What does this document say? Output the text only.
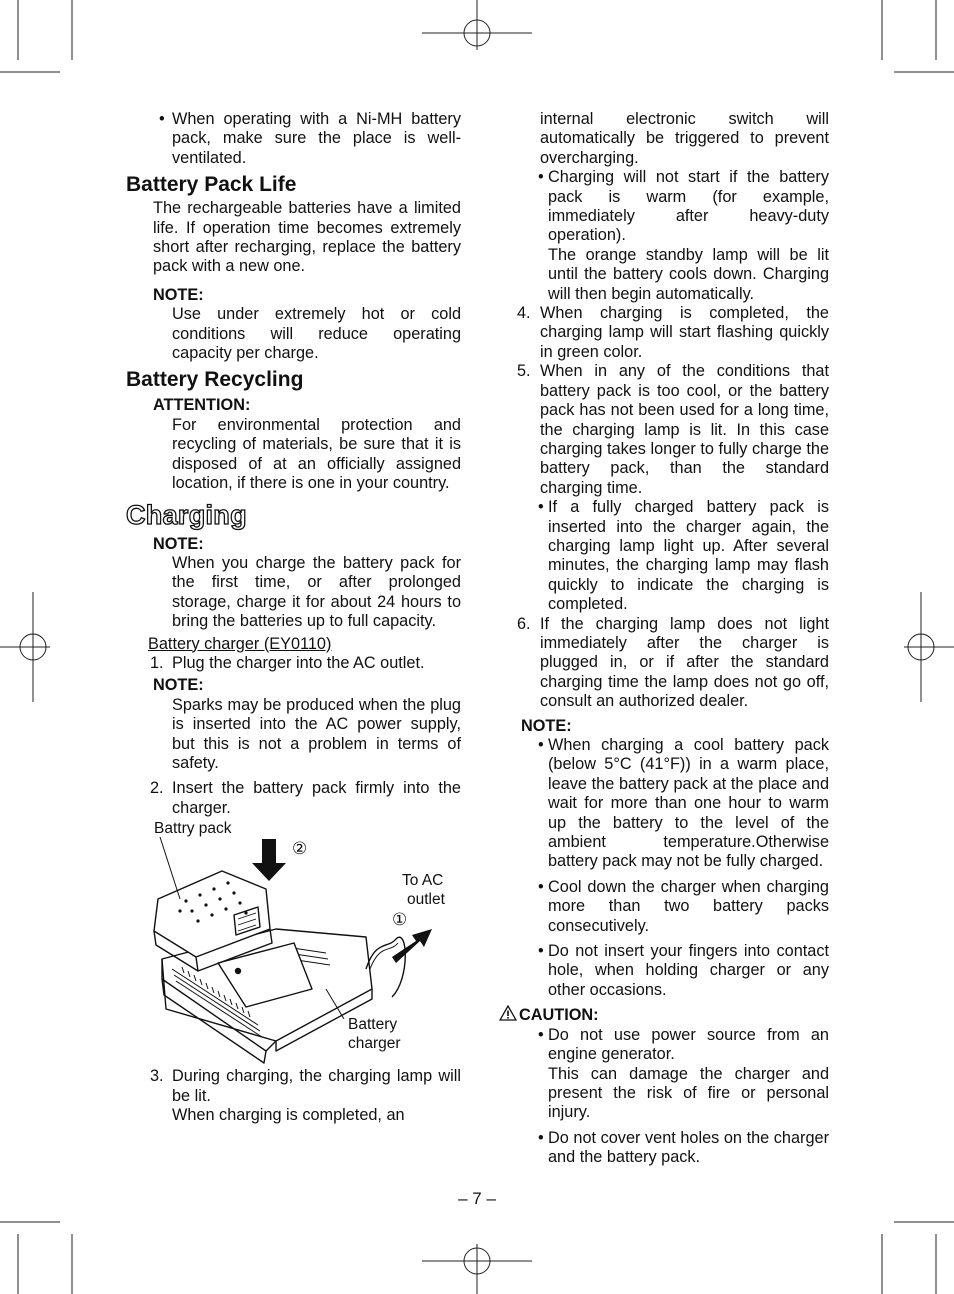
• When operating with a Ni-MH battery pack, make sure the place is well-ventilated.
Battery Pack Life
The rechargeable batteries have a limited life. If operation time becomes extremely short after recharging, replace the battery pack with a new one.
NOTE:
Use under extremely hot or cold conditions will reduce operating capacity per charge.
Battery Recycling
ATTENTION:
For environmental protection and recycling of materials, be sure that it is disposed of at an officially assigned location, if there is one in your country.
Charging
NOTE:
When you charge the battery pack for the first time, or after prolonged storage, charge it for about 24 hours to bring the batteries up to full capacity.
Battery charger (EY0110)
1. Plug the charger into the AC outlet.
NOTE:
Sparks may be produced when the plug is inserted into the AC power supply, but this is not a problem in terms of safety.
2. Insert the battery pack firmly into the charger.
Battry pack
To AC
outlet
Battery
charger
②
①
3. During charging, the charging lamp will be lit.
When charging is completed, an
internal electronic switch will automatically be triggered to prevent overcharging.
• Charging will not start if the battery pack is warm (for example, immediately after heavy-duty operation).
The orange standby lamp will be lit until the battery cools down. Charging will then begin automatically.
4. When charging is completed, the charging lamp will start flashing quickly in green color.
5. When in any of the conditions that battery pack is too cool, or the battery pack has not been used for a long time, the charging lamp is lit. In this case charging takes longer to fully charge the battery pack, than the standard charging time.
• If a fully charged battery pack is inserted into the charger again, the charging lamp light up. After several minutes, the charging lamp may flash quickly to indicate the charging is completed.
6. If the charging lamp does not light immediately after the charger is plugged in, or if after the standard charging time the lamp does not go off, consult an authorized dealer.
NOTE:
• When charging a cool battery pack (below 5°C (41°F)) in a warm place, leave the battery pack at the place and wait for more than one hour to warm up the battery to the level of the ambient temperature.Otherwise battery pack may not be fully charged.
• Cool down the charger when charging more than two battery packs consecutively.
• Do not insert your fingers into contact hole, when holding charger or any other occasions.
CAUTION:
• Do not use power source from an engine generator.
This can damage the charger and present the risk of fire or personal injury.
• Do not cover vent holes on the charger and the battery pack.
– 7 –
